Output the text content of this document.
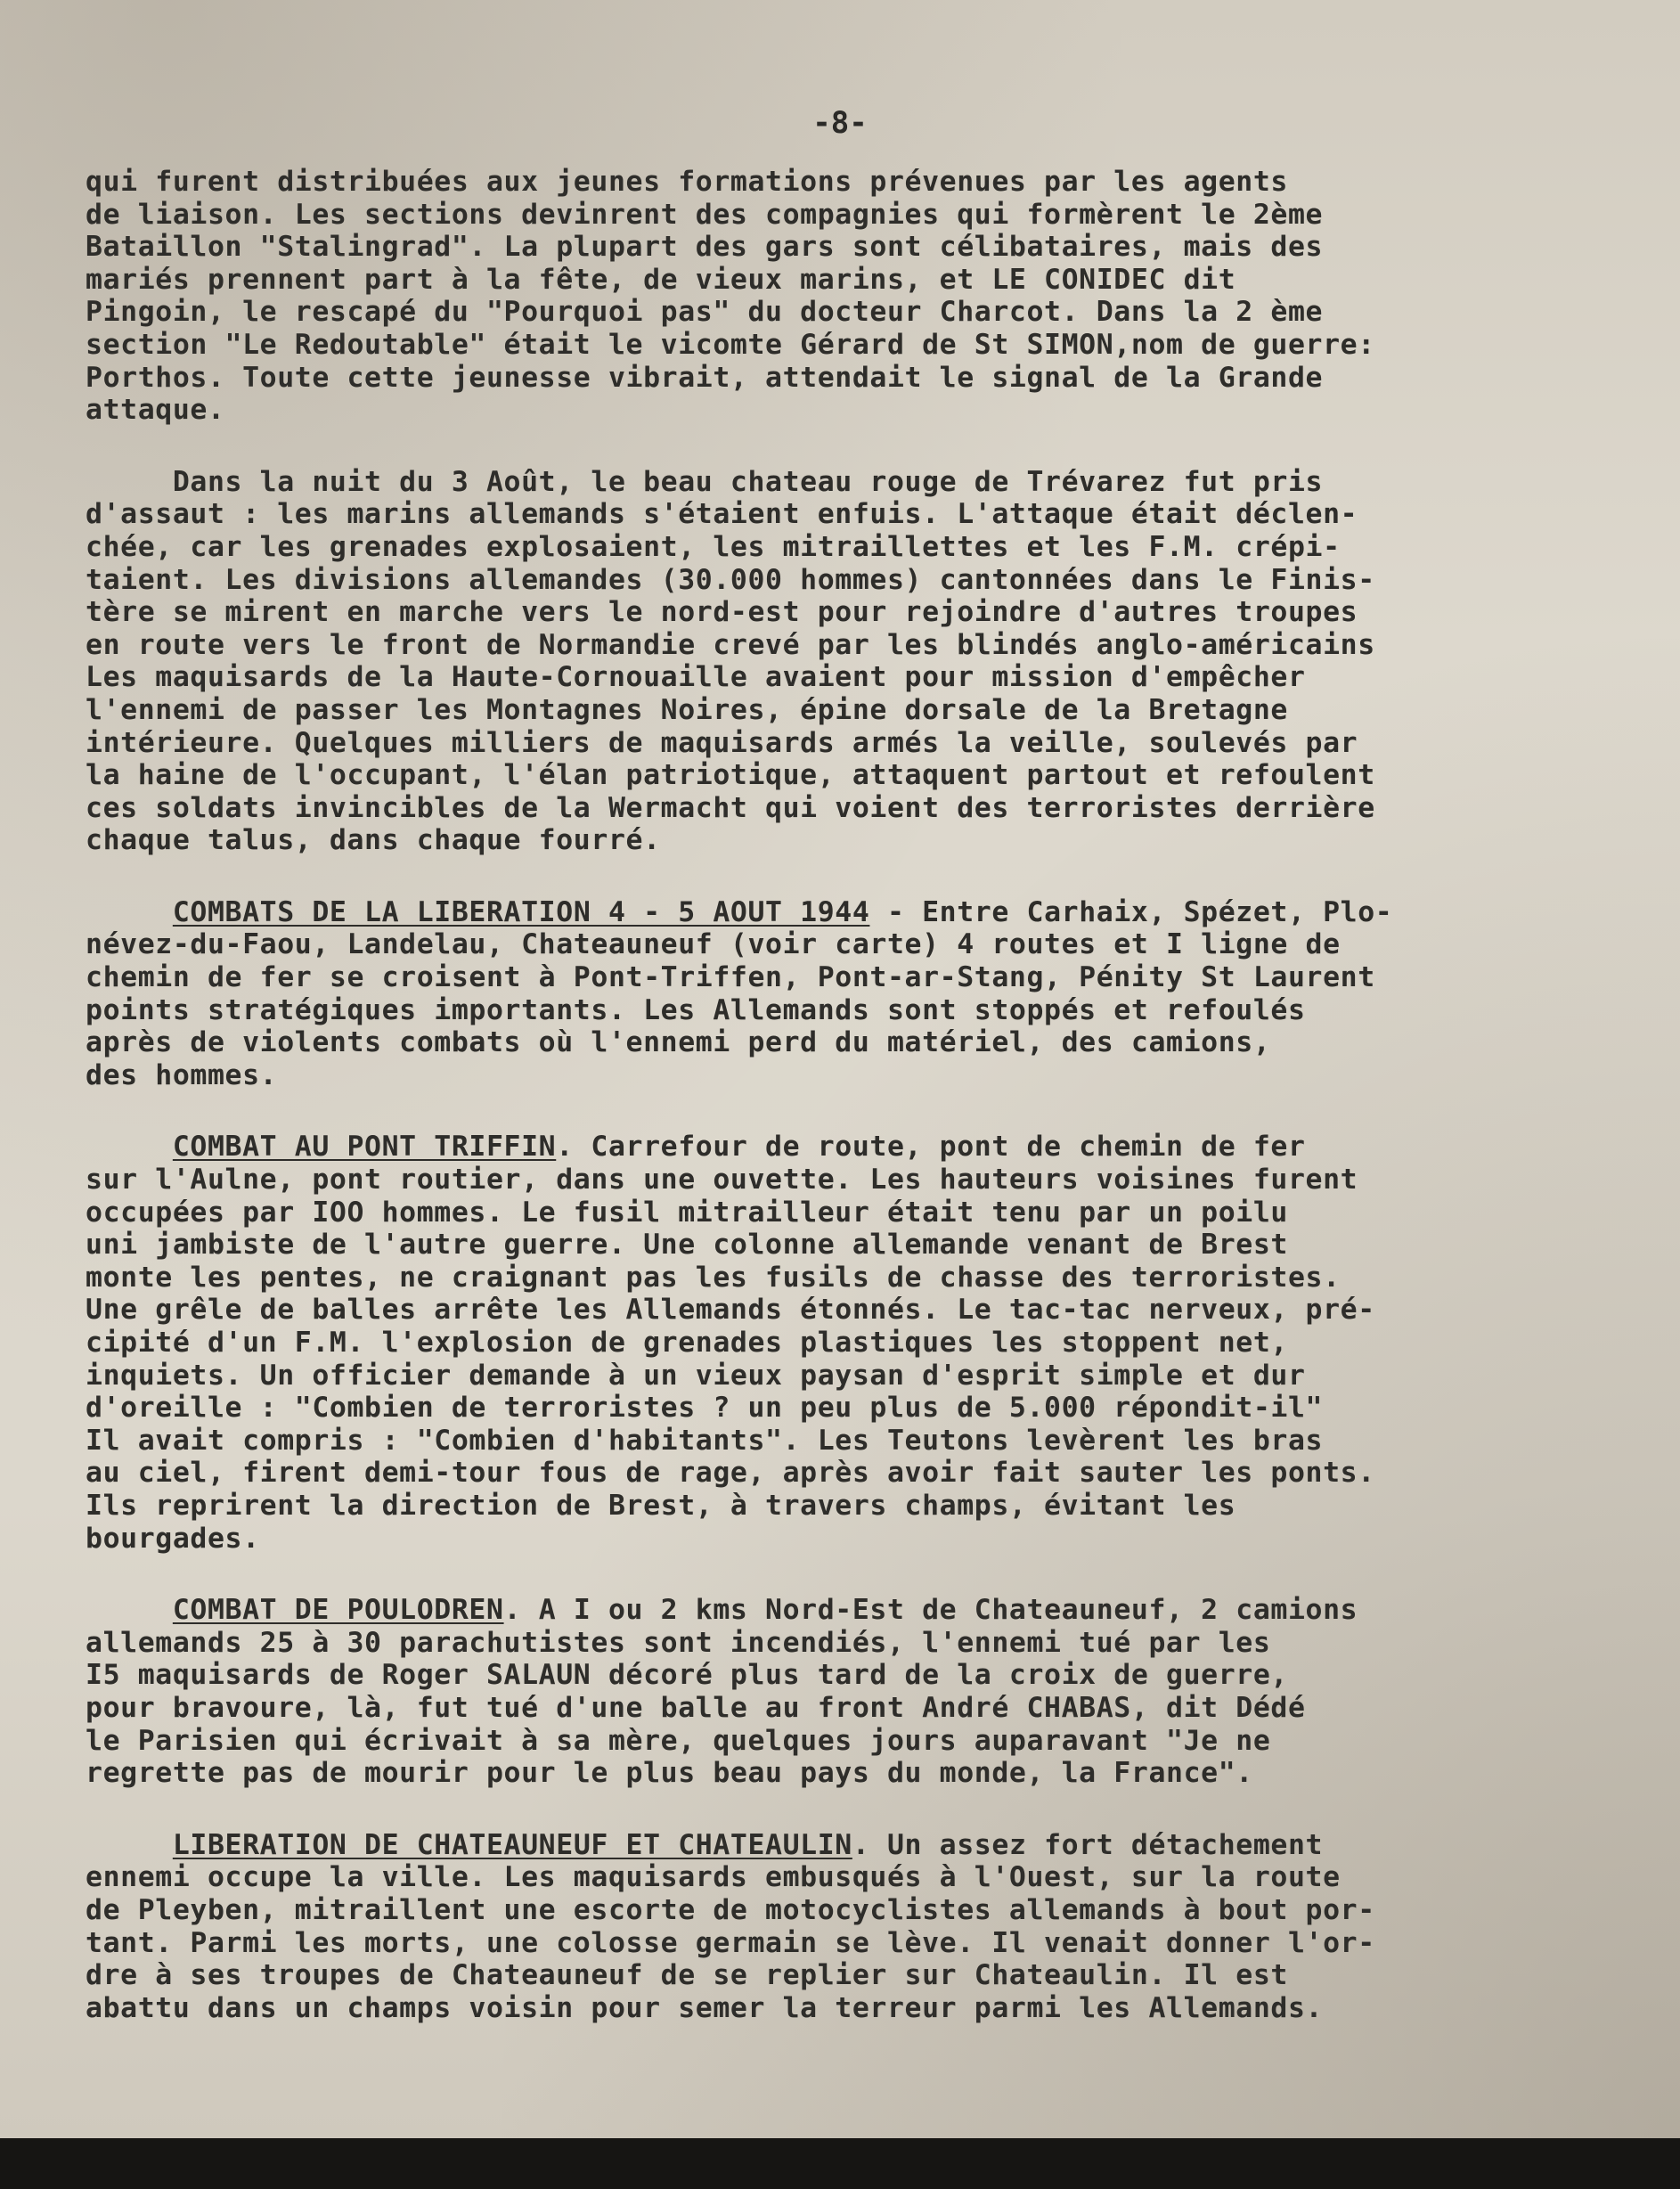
-8-
qui furent distribuées aux jeunes formations prévenues par les agents
de liaison. Les sections devinrent des compagnies qui formèrent le 2ème
Bataillon "Stalingrad". La plupart des gars sont célibataires, mais des
mariés prennent part à la fête, de vieux marins, et LE CONIDEC dit
Pingoin, le rescapé du "Pourquoi pas" du docteur Charcot. Dans la 2 ème
section "Le Redoutable" était le vicomte Gérard de St SIMON,nom de guerre:
Porthos. Toute cette jeunesse vibrait, attendait le signal de la Grande
attaque.
Dans la nuit du 3 Août, le beau chateau rouge de Trévarez fut pris
d'assaut : les marins allemands s'étaient enfuis. L'attaque était déclen-
chée, car les grenades explosaient, les mitraillettes et les F.M. crépi-
taient. Les divisions allemandes (30.000 hommes) cantonnées dans le Finis-
tère se mirent en marche vers le nord-est pour rejoindre d'autres troupes
en route vers le front de Normandie crevé par les blindés anglo-américains
Les maquisards de la Haute-Cornouaille avaient pour mission d'empêcher
l'ennemi de passer les Montagnes Noires, épine dorsale de la Bretagne
intérieure. Quelques milliers de maquisards armés la veille, soulevés par
la haine de l'occupant, l'élan patriotique, attaquent partout et refoulent
ces soldats invincibles de la Wermacht qui voient des terroristes derrière
chaque talus, dans chaque fourré.
COMBATS DE LA LIBERATION 4 - 5 AOUT 1944 - Entre Carhaix, Spézet, Plo-
névez-du-Faou, Landelau, Chateauneuf (voir carte) 4 routes et I ligne de
chemin de fer se croisent à Pont-Triffen, Pont-ar-Stang, Pénity St Laurent
points stratégiques importants. Les Allemands sont stoppés et refoulés
après de violents combats où l'ennemi perd du matériel, des camions,
des hommes.
COMBAT AU PONT TRIFFIN. Carrefour de route, pont de chemin de fer
sur l'Aulne, pont routier, dans une ouvette. Les hauteurs voisines furent
occupées par IOO hommes. Le fusil mitrailleur était tenu par un poilu
uni jambiste de l'autre guerre. Une colonne allemande venant de Brest
monte les pentes, ne craignant pas les fusils de chasse des terroristes.
Une grêle de balles arrête les Allemands étonnés. Le tac-tac nerveux, pré-
cipité d'un F.M. l'explosion de grenades plastiques les stoppent net,
inquiets. Un officier demande à un vieux paysan d'esprit simple et dur
d'oreille : "Combien de terroristes ? un peu plus de 5.000 répondit-il"
Il avait compris : "Combien d'habitants". Les Teutons levèrent les bras
au ciel, firent demi-tour fous de rage, après avoir fait sauter les ponts.
Ils reprirent la direction de Brest, à travers champs, évitant les
bourgades.
COMBAT DE POULODREN. A I ou 2 kms Nord-Est de Chateauneuf, 2 camions
allemands 25 à 30 parachutistes sont incendiés, l'ennemi tué par les
I5 maquisards de Roger SALAUN décoré plus tard de la croix de guerre,
pour bravoure, là, fut tué d'une balle au front André CHABAS, dit Dédé
le Parisien qui écrivait à sa mère, quelques jours auparavant "Je ne
regrette pas de mourir pour le plus beau pays du monde, la France".
LIBERATION DE CHATEAUNEUF ET CHATEAULIN. Un assez fort détachement
ennemi occupe la ville. Les maquisards embusqués à l'Ouest, sur la route
de Pleyben, mitraillent une escorte de motocyclistes allemands à bout por-
tant. Parmi les morts, une colosse germain se lève. Il venait donner l'or-
dre à ses troupes de Chateauneuf de se replier sur Chateaulin. Il est
abattu dans un champs voisin pour semer la terreur parmi les Allemands.
